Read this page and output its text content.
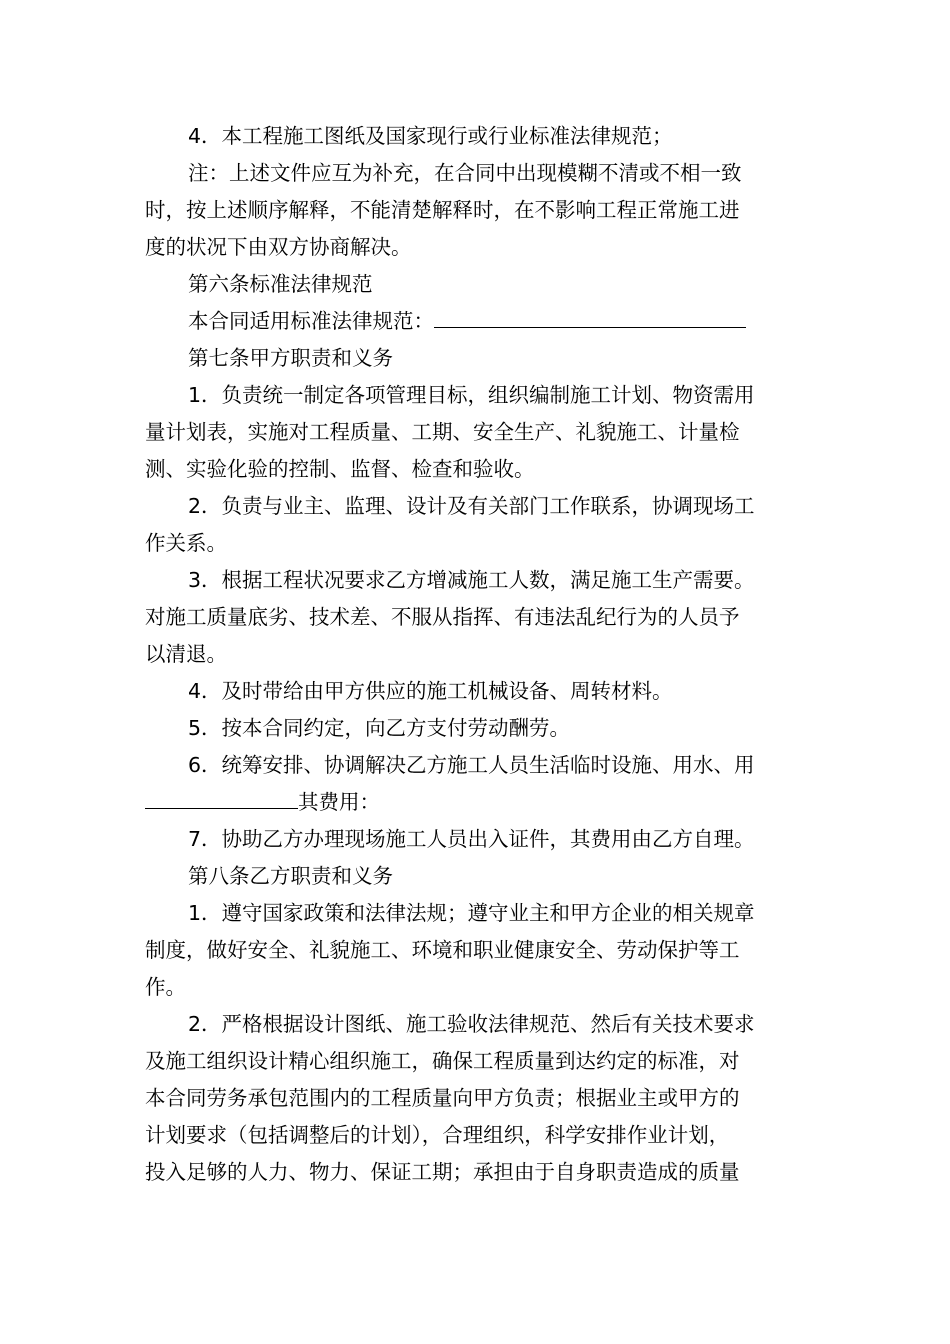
4．本工程施工图纸及国家现行或行业标准法律规范；
注：上述文件应互为补充，在合同中出现模糊不清或不相一致
时，按上述顺序解释，不能清楚解释时，在不影响工程正常施工进
度的状况下由双方协商解决。
第六条标准法律规范
本合同适用标准法律规范：
第七条甲方职责和义务
1．负责统一制定各项管理目标，组织编制施工计划、物资需用
量计划表，实施对工程质量、工期、安全生产、礼貌施工、计量检
测、实验化验的控制、监督、检查和验收。
2．负责与业主、监理、设计及有关部门工作联系，协调现场工
作关系。
3．根据工程状况要求乙方增减施工人数，满足施工生产需要。
对施工质量底劣、技术差、不服从指挥、有违法乱纪行为的人员予
以清退。
4．及时带给由甲方供应的施工机械设备、周转材料。
5．按本合同约定，向乙方支付劳动酬劳。
6．统筹安排、协调解决乙方施工人员生活临时设施、用水、用
其费用：
7．协助乙方办理现场施工人员出入证件，其费用由乙方自理。
第八条乙方职责和义务
1．遵守国家政策和法律法规；遵守业主和甲方企业的相关规章
制度，做好安全、礼貌施工、环境和职业健康安全、劳动保护等工
作。
2．严格根据设计图纸、施工验收法律规范、然后有关技术要求
及施工组织设计精心组织施工，确保工程质量到达约定的标准，对
本合同劳务承包范围内的工程质量向甲方负责；根据业主或甲方的
计划要求（包括调整后的计划），合理组织，科学安排作业计划，
投入足够的人力、物力、保证工期；承担由于自身职责造成的质量
